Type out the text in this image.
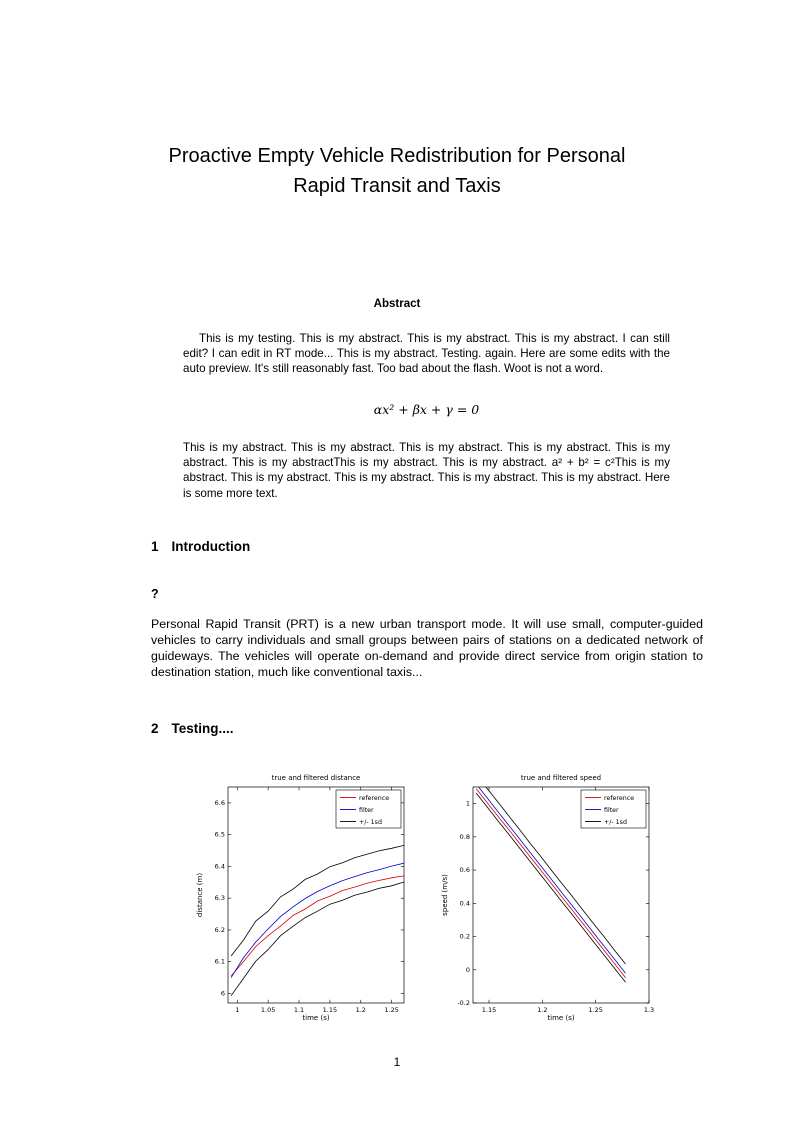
Proactive Empty Vehicle Redistribution for Personal
Rapid Transit and Taxis
Abstract

This is my testing. This is my abstract. This is my abstract. This is my abstract. I can still edit? I can edit in RT mode... This is my abstract. Testing. again. Here are some edits with the auto preview. It's still reasonably fast. Too bad about the flash. Woot is not a word.

αx² + βx + γ = 0

This is my abstract. This is my abstract. This is my abstract. This is my abstract. This is my abstract. This is my abstractThis is my abstract. This is my abstract. a² + b² = c²This is my abstract. This is my abstract. This is my abstract. This is my abstract. This is my abstract. Here is some more text.

1 Introduction

?

Personal Rapid Transit (PRT) is a new urban transport mode. It will use small, computer-guided vehicles to carry individuals and small groups between pairs of stations on a dedicated network of guideways. The vehicles will operate on-demand and provide direct service from origin station to destination station, much like conventional taxis...

2 Testing....
1	1.05	1.1	1.15	1.2	1.25
6
6.1
6.2
6.3
6.4
6.5
6.6
true and filtered distance
time (s)
distance (m)
reference
filter
+/- 1sd
1.15	1.2	1.25	1.3
-0.2
0
0.2
0.4
0.6
0.8
1
true and filtered speed
time (s)
speed (m/s)
reference
filter
+/- 1sd
1
